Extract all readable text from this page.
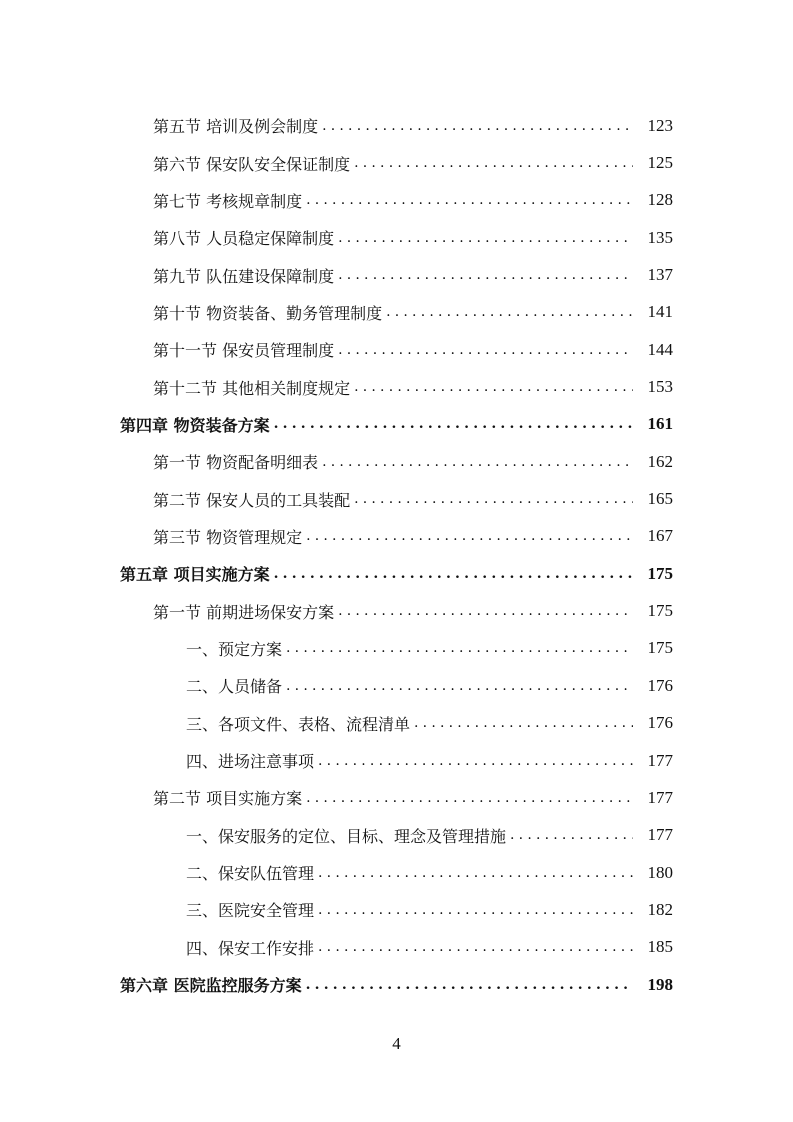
第五节 培训及例会制度 .....	123
第六节 保安队安全保证制度 .....	125
第七节 考核规章制度 .....	128
第八节 人员稳定保障制度 .....	135
第九节 队伍建设保障制度 .....	137
第十节 物资装备、勤务管理制度 .....	141
第十一节 保安员管理制度 .....	144
第十二节 其他相关制度规定 .....	153
第四章 物资装备方案 .....	161
第一节 物资配备明细表 .....	162
第二节 保安人员的工具装配 .....	165
第三节 物资管理规定 .....	167
第五章 项目实施方案 .....	175
第一节 前期进场保安方案 .....	175
一、预定方案 .....	175
二、人员储备 .....	176
三、各项文件、表格、流程清单 .....	176
四、进场注意事项 .....	177
第二节 项目实施方案 .....	177
一、保安服务的定位、目标、理念及管理措施 .....	177
二、保安队伍管理 .....	180
三、医院安全管理 .....	182
四、保安工作安排 .....	185
第六章 医院监控服务方案 .....	198
4
